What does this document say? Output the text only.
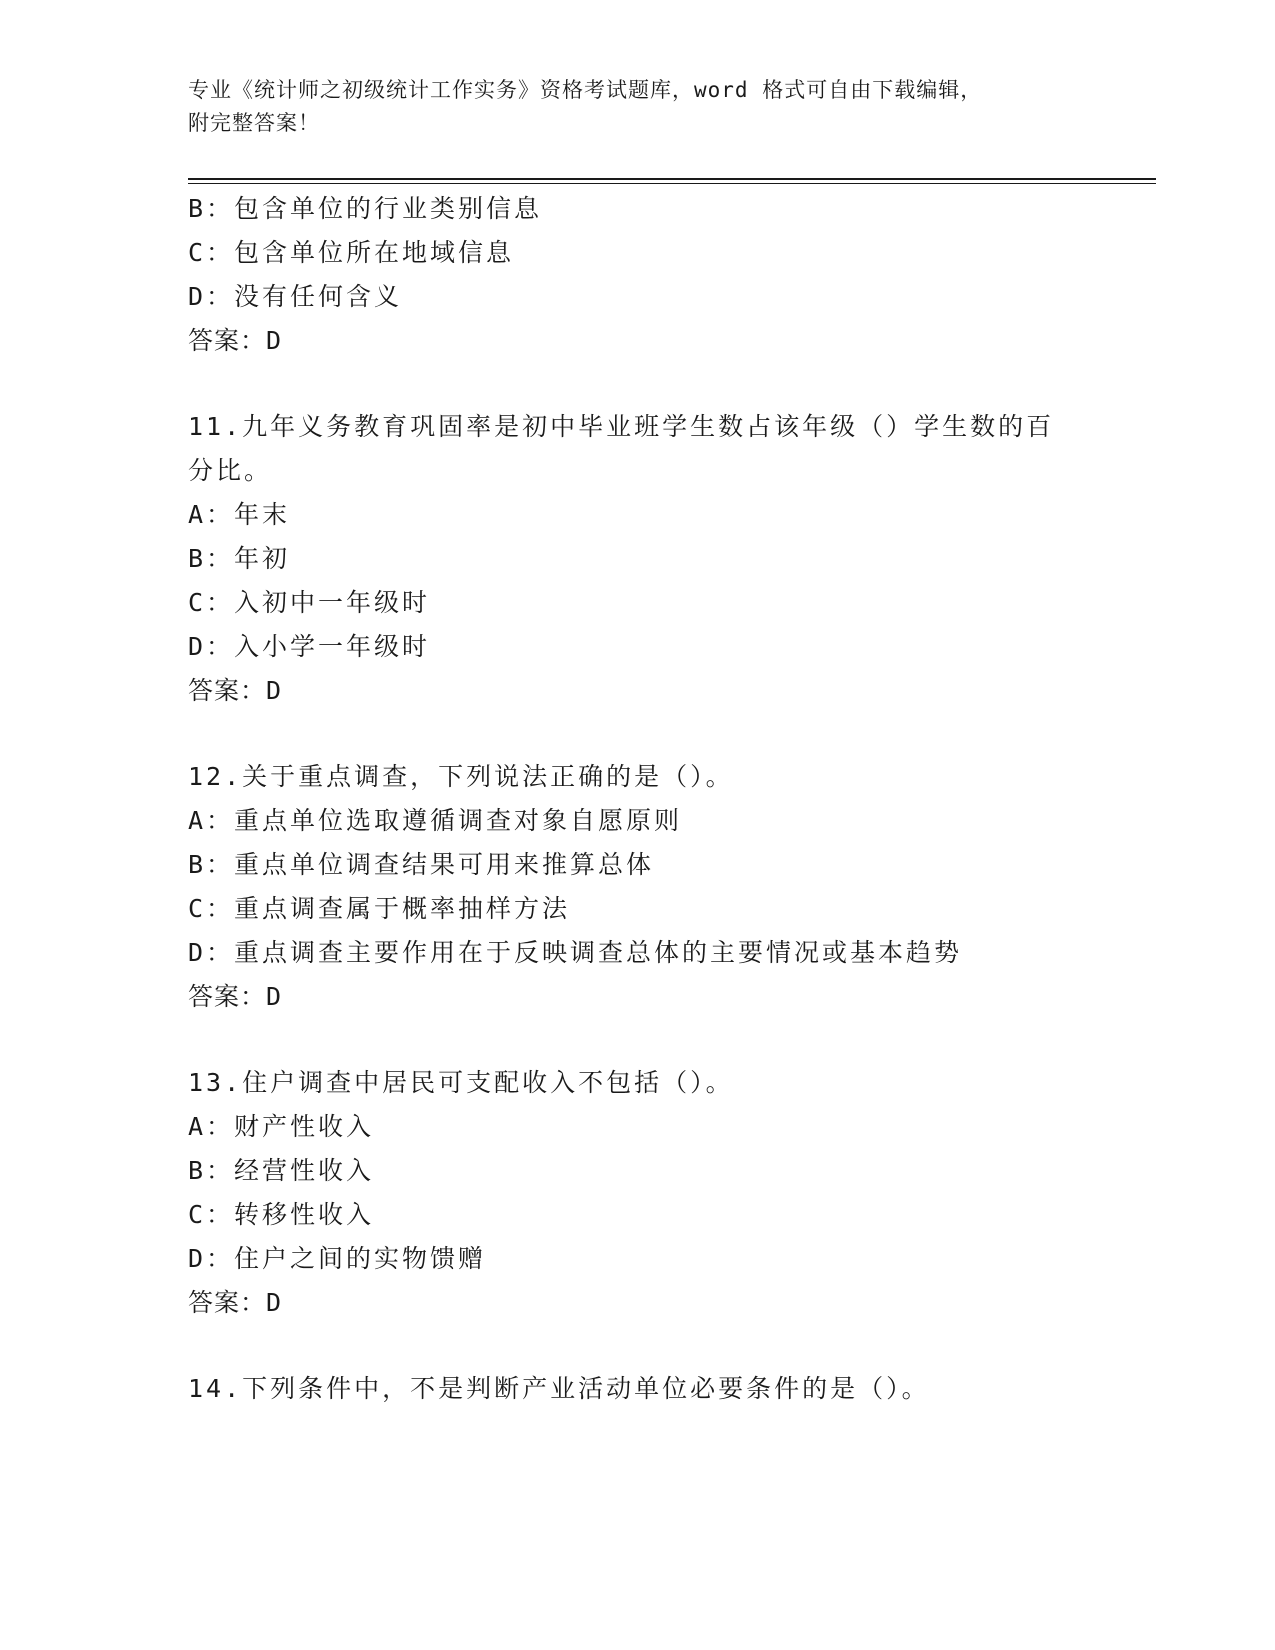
专业《统计师之初级统计工作实务》资格考试题库，word 格式可自由下载编辑，
附完整答案！
B：包含单位的行业类别信息
C：包含单位所在地域信息
D：没有任何含义
答案：D
11.九年义务教育巩固率是初中毕业班学生数占该年级（）学生数的百
分比。
A：年末
B：年初
C：入初中一年级时
D：入小学一年级时
答案：D
12.关于重点调查，下列说法正确的是（）。
A：重点单位选取遵循调查对象自愿原则
B：重点单位调查结果可用来推算总体
C：重点调查属于概率抽样方法
D：重点调查主要作用在于反映调查总体的主要情况或基本趋势
答案：D
13.住户调查中居民可支配收入不包括（）。
A：财产性收入
B：经营性收入
C：转移性收入
D：住户之间的实物馈赠
答案：D
14.下列条件中，不是判断产业活动单位必要条件的是（）。
